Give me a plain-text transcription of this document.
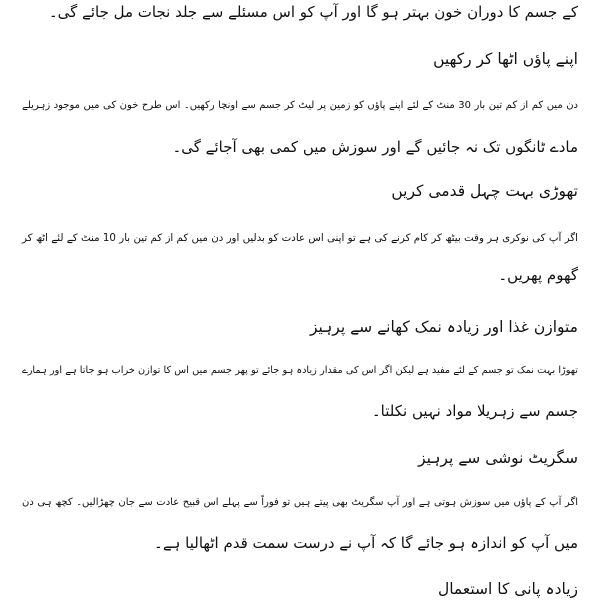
کے جسم کا دوران خون بہتر ہو گا اور آپ کو اس مسئلے سے جلد نجات مل جائے گی۔
اپنے پاؤں اٹھا کر رکھیں
دن میں کم از کم تین بار 30 منٹ کے لئے اپنے پاؤں کو زمین پر لیٹ کر جسم سے اونچا رکھیں۔ اس طرح خون کی میں موجود زہریلے
مادے ٹانگوں تک نہ جائیں گے اور سوزش میں کمی بھی آجائے گی۔
تھوڑی بہت چہل قدمی کریں
اگر آپ کی نوکری ہر وقت بیٹھ کر کام کرنے کی ہے تو اپنی اس عادت کو بدلیں اور دن میں کم از کم تین بار 10 منٹ کے لئے اٹھ کر
گھوم پھریں۔
متوازن غذا اور زیادہ نمک کھانے سے پرہیز
تھوڑا بہت نمک تو جسم کے لئے مفید ہے لیکن اگر اس کی مقدار زیادہ ہو جائے تو پھر جسم میں اس کا توازن خراب ہو جاتا ہے اور ہمارے
جسم سے زہریلا مواد نہیں نکلتا۔
سگریٹ نوشی سے پرہیز
اگر آپ کے پاؤں میں سوزش ہوتی ہے اور آپ سگریٹ بھی پیتے ہیں تو فوراً سے پہلے اس قبیح عادت سے جان چھڑالیں۔ کچھ ہی دن
میں آپ کو اندازہ ہو جائے گا کہ آپ نے درست سمت قدم اٹھالیا ہے۔
زیادہ پانی کا استعمال
